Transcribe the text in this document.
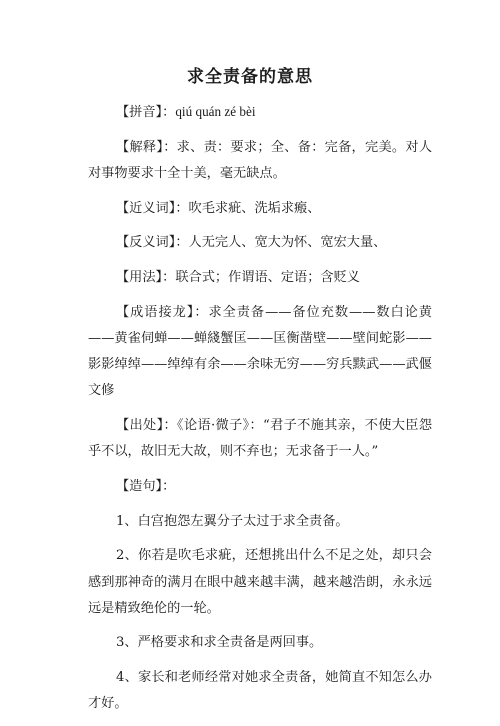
求全责备的意思

【拼音】：qiú quán zé bèi

【解释】：求、责：要求；全、备：完备，完美。对人对事物要求十全十美，毫无缺点。

【近义词】：吹毛求疵、洗垢求瘢、

【反义词】：人无完人、宽大为怀、宽宏大量、

【用法】：联合式；作谓语、定语；含贬义

【成语接龙】：求全责备——备位充数——数白论黄——黄雀伺蝉——蝉綫蟹匡——匡衡凿壁——壁间蛇影——影影绰绰——绰绰有余——余味无穷——穷兵黩武——武偃文修

【出处】：《论语·微子》：“君子不施其亲，不使大臣怨乎不以，故旧无大故，则不弃也；无求备于一人。”

【造句】：

1、白宫抱怨左翼分子太过于求全责备。

2、你若是吹毛求疵，还想挑出什么不足之处，却只会感到那神奇的满月在眼中越来越丰满，越来越浩朗，永永远远是精致绝伦的一轮。

3、严格要求和求全责备是两回事。

4、家长和老师经常对她求全责备，她简直不知怎么办才好。
